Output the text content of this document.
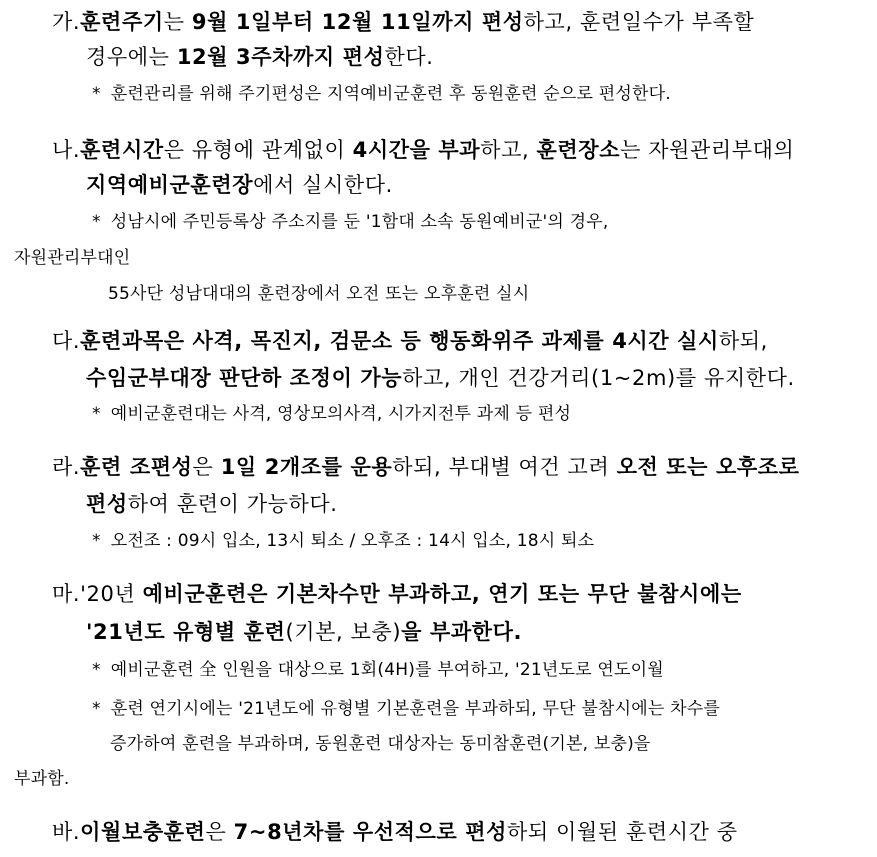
가.훈련주기는 9월 1일부터 12월 11일까지 편성하고, 훈련일수가 부족할
경우에는 12월 3주차까지 편성한다.
* 훈련관리를 위해 주기편성은 지역예비군훈련 후 동원훈련 순으로 편성한다.
나.훈련시간은 유형에 관계없이 4시간을 부과하고, 훈련장소는 자원관리부대의
지역예비군훈련장에서 실시한다.
* 성남시에 주민등록상 주소지를 둔 '1함대 소속 동원예비군'의 경우,
자원관리부대인
55사단 성남대대의 훈련장에서 오전 또는 오후훈련 실시
다.훈련과목은 사격, 목진지, 검문소 등 행동화위주 과제를 4시간 실시하되,
수임군부대장 판단하 조정이 가능하고, 개인 건강거리(1~2m)를 유지한다.
* 예비군훈련대는 사격, 영상모의사격, 시가지전투 과제 등 편성
라.훈련 조편성은 1일 2개조를 운용하되, 부대별 여건 고려 오전 또는 오후조로
편성하여 훈련이 가능하다.
* 오전조 : 09시 입소, 13시 퇴소 / 오후조 : 14시 입소, 18시 퇴소
마.'20년 예비군훈련은 기본차수만 부과하고, 연기 또는 무단 불참시에는
'21년도 유형별 훈련(기본, 보충)을 부과한다.
* 예비군훈련 全 인원을 대상으로 1회(4H)를 부여하고, '21년도로 연도이월
* 훈련 연기시에는 '21년도에 유형별 기본훈련을 부과하되, 무단 불참시에는 차수를
증가하여 훈련을 부과하며, 동원훈련 대상자는 동미참훈련(기본, 보충)을
부과함.
바.이월보충훈련은 7~8년차를 우선적으로 편성하되 이월된 훈련시간 중
